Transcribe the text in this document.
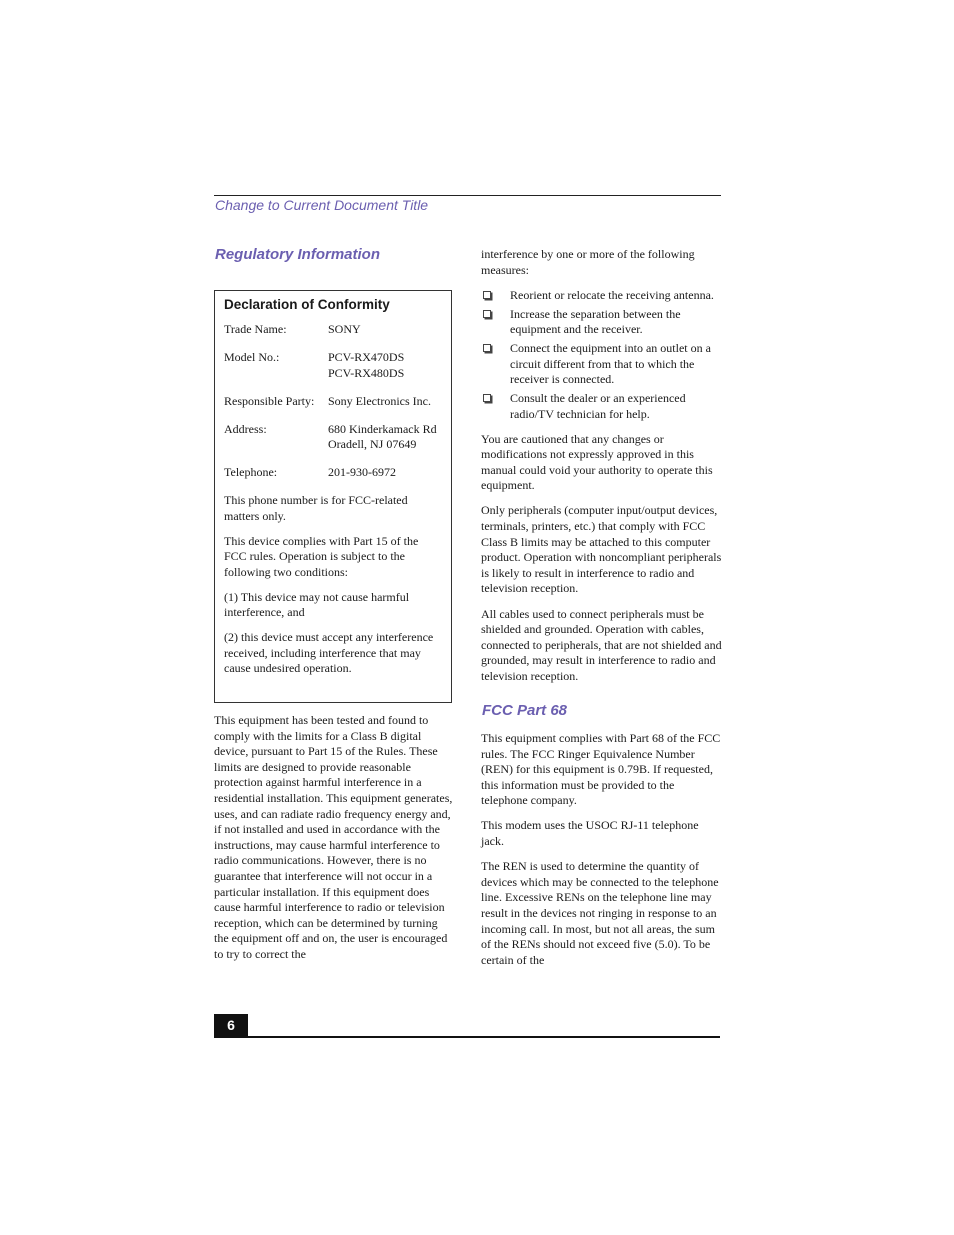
Change to Current Document Title
Regulatory Information
Declaration of Conformity
Trade Name:	SONY
Model No.:	PCV-RX470DS
PCV-RX480DS
Responsible Party: Sony Electronics Inc.
Address:	680 Kinderkamack Rd
Oradell, NJ 07649
Telephone:	201-930-6972

This phone number is for FCC-related matters only.

This device complies with Part 15 of the FCC rules. Operation is subject to the following two conditions:

(1) This device may not cause harmful interference, and

(2) this device must accept any interference received, including interference that may cause undesired operation.

This equipment has been tested and found to comply with the limits for a Class B digital device, pursuant to Part 15 of the Rules. These limits are designed to provide reasonable protection against harmful interference in a residential installation. This equipment generates, uses, and can radiate radio frequency energy and, if not installed and used in accordance with the instructions, may cause harmful interference to radio communications. However, there is no guarantee that interference will not occur in a particular installation. If this equipment does cause harmful interference to radio or television reception, which can be determined by turning the equipment off and on, the user is encouraged to try to correct the

interference by one or more of the following measures:

Reorient or relocate the receiving antenna.
Increase the separation between the equipment and the receiver.
Connect the equipment into an outlet on a circuit different from that to which the receiver is connected.
Consult the dealer or an experienced radio/TV technician for help.

You are cautioned that any changes or modifications not expressly approved in this manual could void your authority to operate this equipment.

Only peripherals (computer input/output devices, terminals, printers, etc.) that comply with FCC Class B limits may be attached to this computer product. Operation with noncompliant peripherals is likely to result in interference to radio and television reception.

All cables used to connect peripherals must be shielded and grounded. Operation with cables, connected to peripherals, that are not shielded and grounded, may result in interference to radio and television reception.

FCC Part 68

This equipment complies with Part 68 of the FCC rules. The FCC Ringer Equivalence Number (REN) for this equipment is 0.79B. If requested, this information must be provided to the telephone company.

This modem uses the USOC RJ-11 telephone jack.

The REN is used to determine the quantity of devices which may be connected to the telephone line. Excessive RENs on the telephone line may result in the devices not ringing in response to an incoming call. In most, but not all areas, the sum of the RENs should not exceed five (5.0). To be certain of the

6
